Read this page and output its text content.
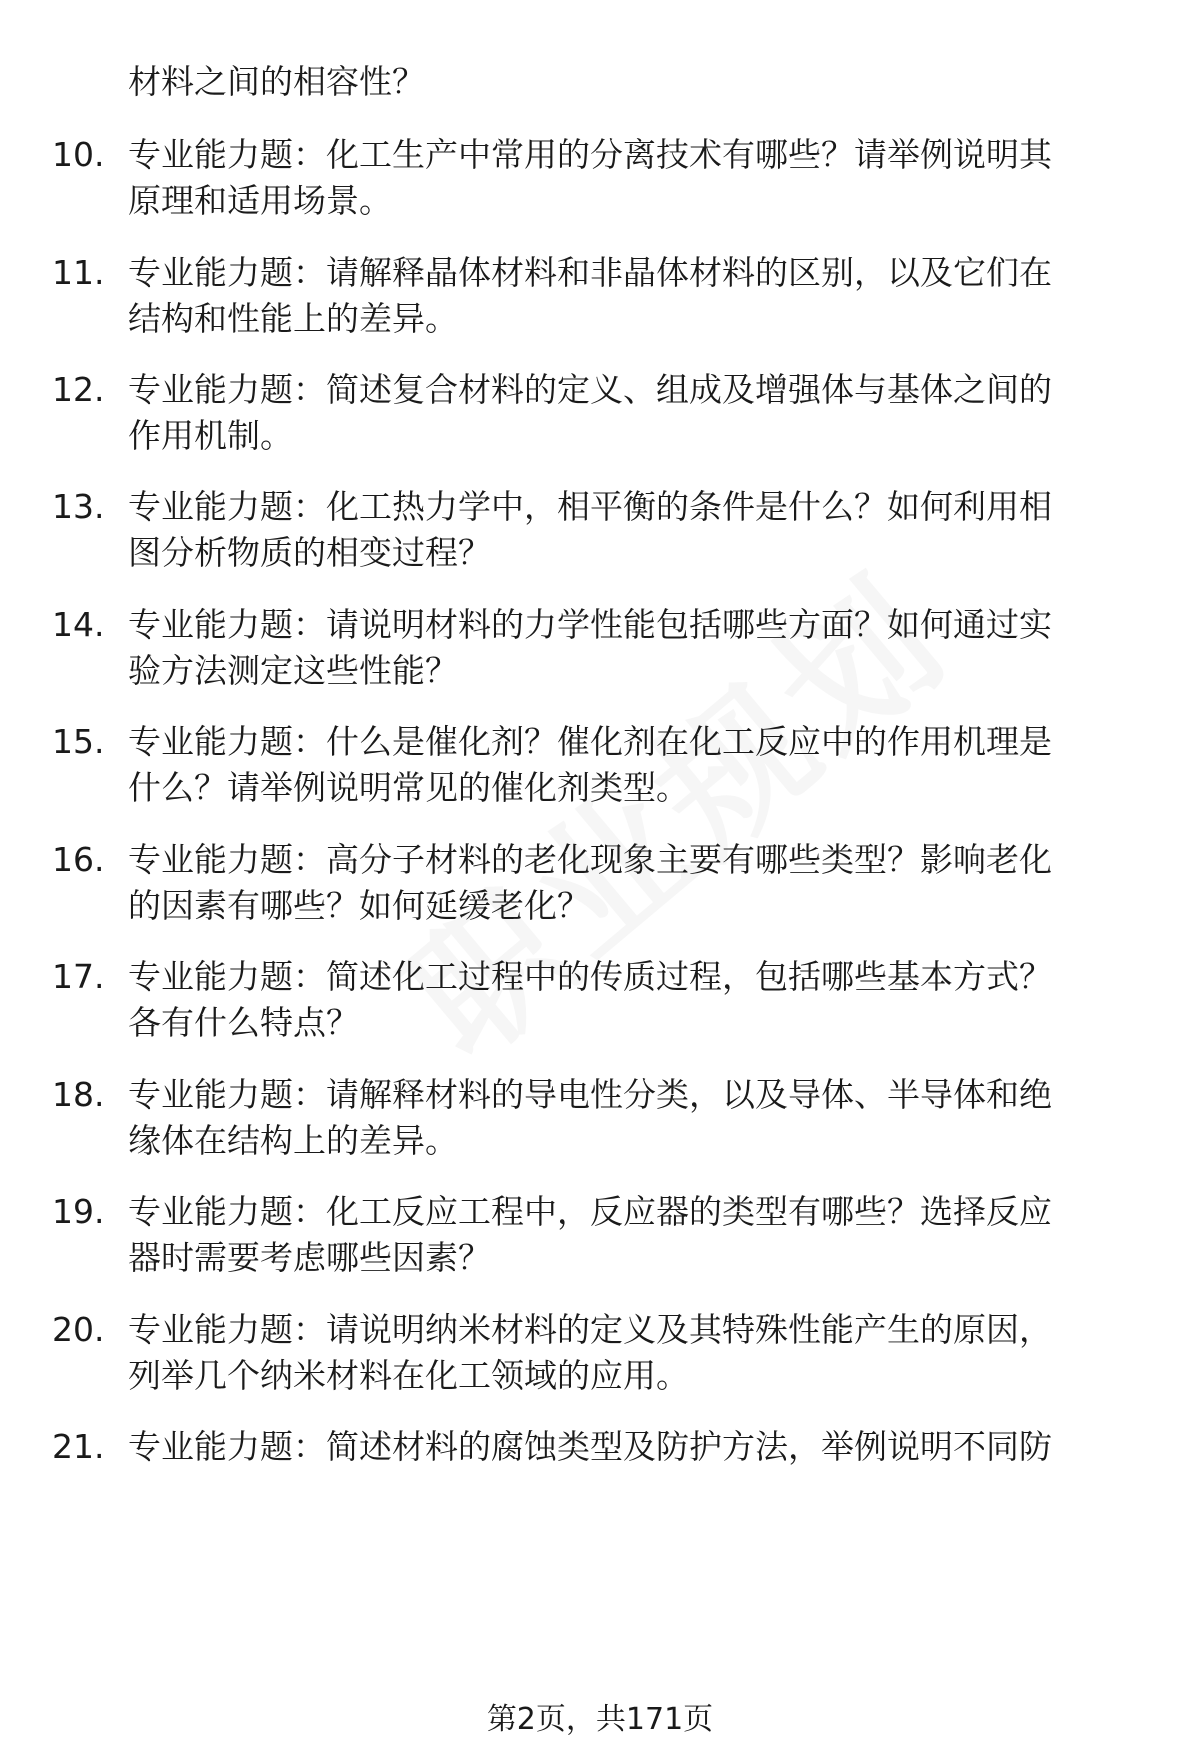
材料之间的相容性？
10. 专业能力题：化工生产中常用的分离技术有哪些？请举例说明其
原理和适用场景。
11. 专业能力题：请解释晶体材料和非晶体材料的区别，以及它们在
结构和性能上的差异。
12. 专业能力题：简述复合材料的定义、组成及增强体与基体之间的
作用机制。
13. 专业能力题：化工热力学中，相平衡的条件是什么？如何利用相
图分析物质的相变过程？
14. 专业能力题：请说明材料的力学性能包括哪些方面？如何通过实
验方法测定这些性能？
15. 专业能力题：什么是催化剂？催化剂在化工反应中的作用机理是
什么？请举例说明常见的催化剂类型。
16. 专业能力题：高分子材料的老化现象主要有哪些类型？影响老化
的因素有哪些？如何延缓老化？
17. 专业能力题：简述化工过程中的传质过程，包括哪些基本方式？
各有什么特点？
18. 专业能力题：请解释材料的导电性分类，以及导体、半导体和绝
缘体在结构上的差异。
19. 专业能力题：化工反应工程中，反应器的类型有哪些？选择反应
器时需要考虑哪些因素？
20. 专业能力题：请说明纳米材料的定义及其特殊性能产生的原因，
列举几个纳米材料在化工领域的应用。
21. 专业能力题：简述材料的腐蚀类型及防护方法，举例说明不同防
第2页，共171页
